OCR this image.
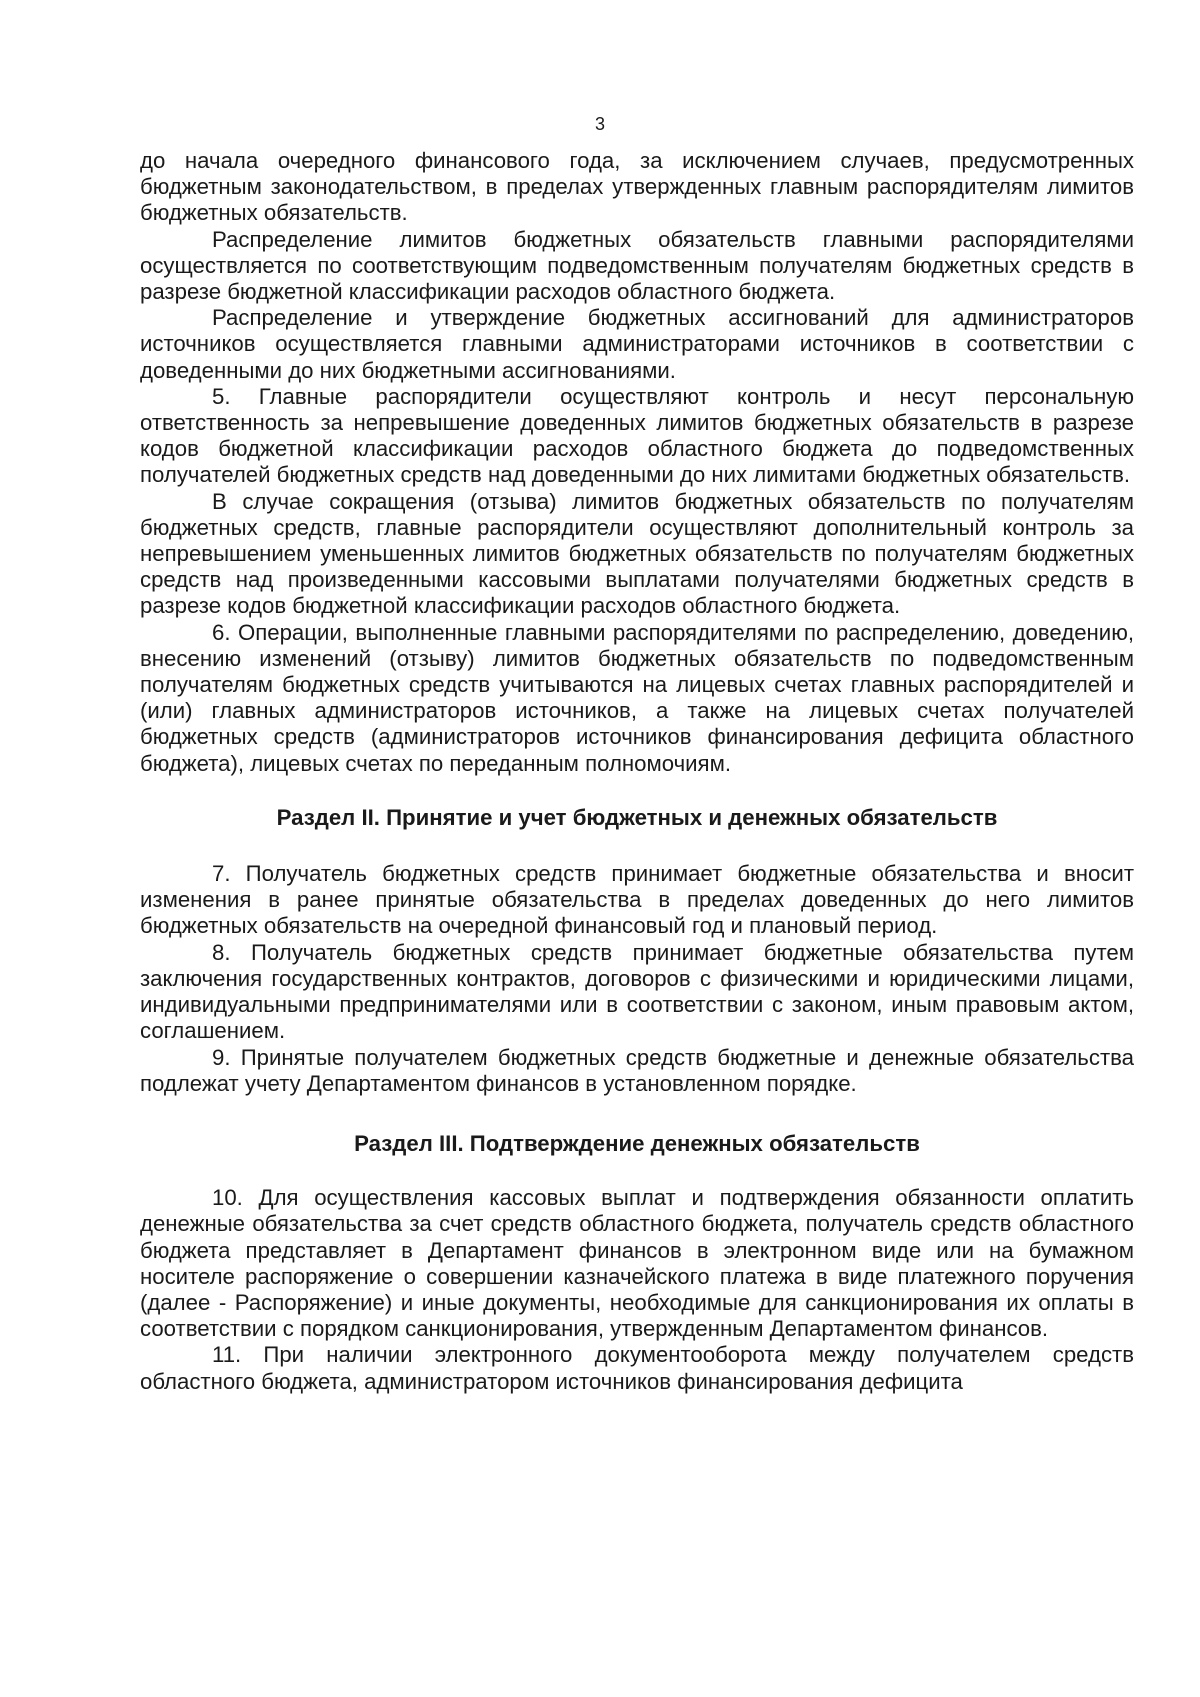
3

до начала очередного финансового года, за исключением случаев, предусмотренных бюджетным законодательством, в пределах утвержденных главным распорядителям лимитов бюджетных обязательств.

Распределение лимитов бюджетных обязательств главными распорядителями осуществляется по соответствующим подведомственным получателям бюджетных средств в разрезе бюджетной классификации расходов областного бюджета.

Распределение и утверждение бюджетных ассигнований для администраторов источников осуществляется главными администраторами источников в соответствии с доведенными до них бюджетными ассигнованиями.

5. Главные распорядители осуществляют контроль и несут персональную ответственность за непревышение доведенных лимитов бюджетных обязательств в разрезе кодов бюджетной классификации расходов областного бюджета до подведомственных получателей бюджетных средств над доведенными до них лимитами бюджетных обязательств.

В случае сокращения (отзыва) лимитов бюджетных обязательств по получателям бюджетных средств, главные распорядители осуществляют дополнительный контроль за непревышением уменьшенных лимитов бюджетных обязательств по получателям бюджетных средств над произведенными кассовыми выплатами получателями бюджетных средств в разрезе кодов бюджетной классификации расходов областного бюджета.

6. Операции, выполненные главными распорядителями по распределению, доведению, внесению изменений (отзыву) лимитов бюджетных обязательств по подведомственным получателям бюджетных средств учитываются на лицевых счетах главных распорядителей и (или) главных администраторов источников, а также на лицевых счетах получателей бюджетных средств (администраторов источников финансирования дефицита областного бюджета), лицевых счетах по переданным полномочиям.

Раздел II. Принятие и учет бюджетных и денежных обязательств

7. Получатель бюджетных средств принимает бюджетные обязательства и вносит изменения в ранее принятые обязательства в пределах доведенных до него лимитов бюджетных обязательств на очередной финансовый год и плановый период.

8. Получатель бюджетных средств принимает бюджетные обязательства путем заключения государственных контрактов, договоров с физическими и юридическими лицами, индивидуальными предпринимателями или в соответствии с законом, иным правовым актом, соглашением.

9. Принятые получателем бюджетных средств бюджетные и денежные обязательства подлежат учету Департаментом финансов в установленном порядке.

Раздел III. Подтверждение денежных обязательств

10. Для осуществления кассовых выплат и подтверждения обязанности оплатить денежные обязательства за счет средств областного бюджета, получатель средств областного бюджета представляет в Департамент финансов в электронном виде или на бумажном носителе распоряжение о совершении казначейского платежа в виде платежного поручения (далее - Распоряжение) и иные документы, необходимые для санкционирования их оплаты в соответствии с порядком санкционирования, утвержденным Департаментом финансов.

11. При наличии электронного документооборота между получателем средств областного бюджета, администратором источников финансирования дефицита
